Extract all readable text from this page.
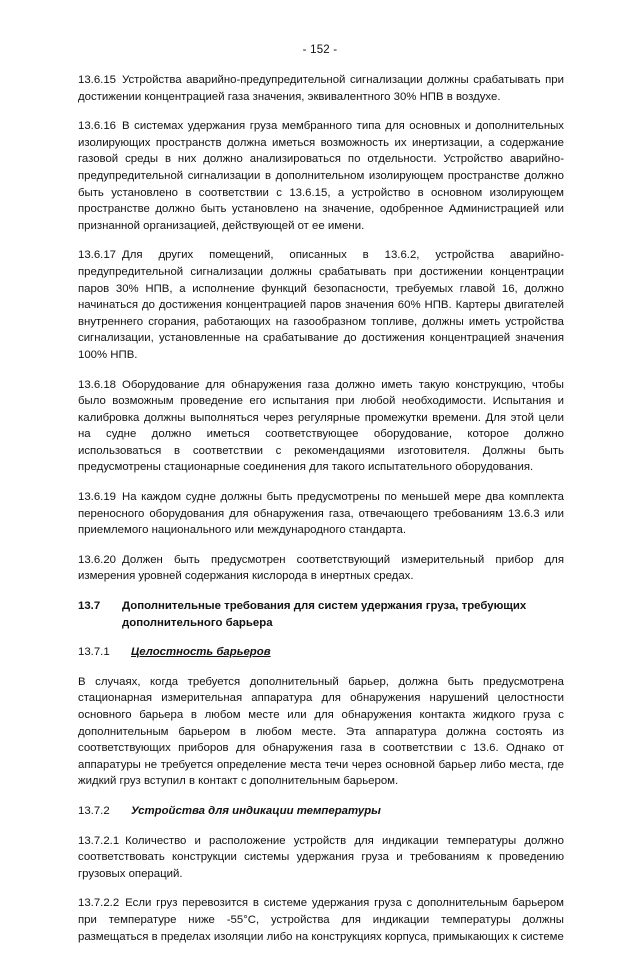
- 152 -

13.6.15 Устройства аварийно-предупредительной сигнализации должны срабатывать при достижении концентрацией газа значения, эквивалентного 30% НПВ в воздухе.

13.6.16 В системах удержания груза мембранного типа для основных и дополнительных изолирующих пространств должна иметься возможность их инертизации, а содержание газовой среды в них должно анализироваться по отдельности. Устройство аварийно-предупредительной сигнализации в дополнительном изолирующем пространстве должно быть установлено в соответствии с 13.6.15, а устройство в основном изолирующем пространстве должно быть установлено на значение, одобренное Администрацией или признанной организацией, действующей от ее имени.

13.6.17 Для других помещений, описанных в 13.6.2, устройства аварийно-предупредительной сигнализации должны срабатывать при достижении концентрации паров 30% НПВ, а исполнение функций безопасности, требуемых главой 16, должно начинаться до достижения концентрацией паров значения 60% НПВ. Картеры двигателей внутреннего сгорания, работающих на газообразном топливе, должны иметь устройства сигнализации, установленные на срабатывание до достижения концентрацией значения 100% НПВ.

13.6.18 Оборудование для обнаружения газа должно иметь такую конструкцию, чтобы было возможным проведение его испытания при любой необходимости. Испытания и калибровка должны выполняться через регулярные промежутки времени. Для этой цели на судне должно иметься соответствующее оборудование, которое должно использоваться в соответствии с рекомендациями изготовителя. Должны быть предусмотрены стационарные соединения для такого испытательного оборудования.

13.6.19 На каждом судне должны быть предусмотрены по меньшей мере два комплекта переносного оборудования для обнаружения газа, отвечающего требованиям 13.6.3 или приемлемого национального или международного стандарта.

13.6.20 Должен быть предусмотрен соответствующий измерительный прибор для измерения уровней содержания кислорода в инертных средах.

13.7	Дополнительные требования для систем удержания груза, требующих дополнительного барьера
13.7.1	Целостность барьеров

В случаях, когда требуется дополнительный барьер, должна быть предусмотрена стационарная измерительная аппаратура для обнаружения нарушений целостности основного барьера в любом месте или для обнаружения контакта жидкого груза с дополнительным барьером в любом месте. Эта аппаратура должна состоять из соответствующих приборов для обнаружения газа в соответствии с 13.6. Однако от аппаратуры не требуется определение места течи через основной барьер либо места, где жидкий груз вступил в контакт с дополнительным барьером.

13.7.2	Устройства для индикации температуры

13.7.2.1 Количество и расположение устройств для индикации температуры должно соответствовать конструкции системы удержания груза и требованиям к проведению грузовых операций.

13.7.2.2 Если груз перевозится в системе удержания груза с дополнительным барьером при температуре ниже -55°C, устройства для индикации температуры должны размещаться в пределах изоляции либо на конструкциях корпуса, примыкающих к системе
